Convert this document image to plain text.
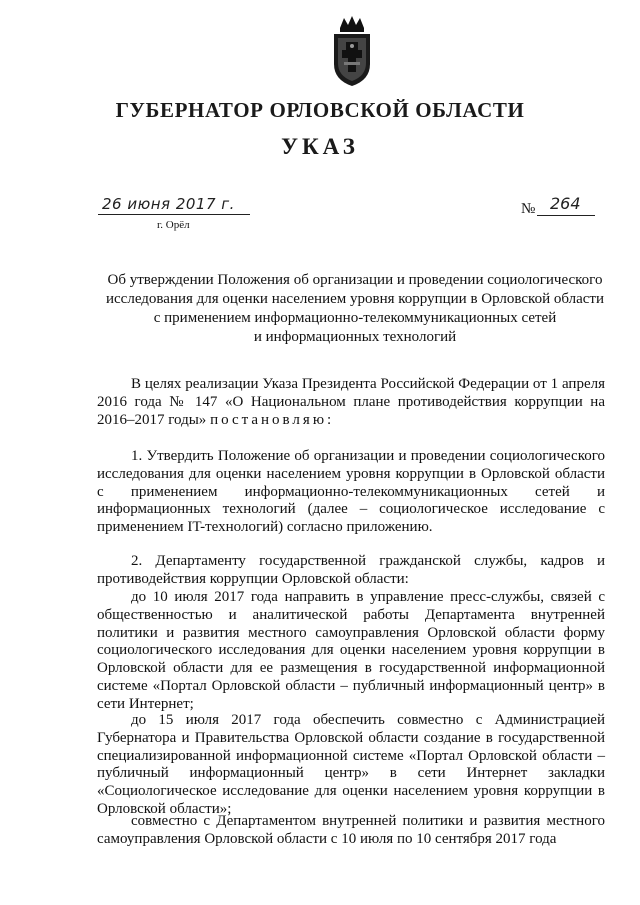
ГУБЕРНАТОР ОРЛОВСКОЙ ОБЛАСТИ
УКАЗ
26 июня 2017 г.
г. Орёл
№ 264
Об утверждении Положения об организации и проведении социологического
исследования для оценки населением уровня коррупции в Орловской области
с применением информационно-телекоммуникационных сетей
и информационных технологий

В целях реализации Указа Президента Российской Федерации от 1 апреля 2016 года № 147 «О Национальном плане противодействия коррупции на 2016–2017 годы» постановляю:

1. Утвердить Положение об организации и проведении социологического исследования для оценки населением уровня коррупции в Орловской области с применением информационно-телекоммуникационных сетей и информационных технологий (далее – социологическое исследование с применением IT-технологий) согласно приложению.

2. Департаменту государственной гражданской службы, кадров и противодействия коррупции Орловской области:

до 10 июля 2017 года направить в управление пресс-службы, связей с общественностью и аналитической работы Департамента внутренней политики и развития местного самоуправления Орловской области форму социологического исследования для оценки населением уровня коррупции в Орловской области для ее размещения в государственной информационной системе «Портал Орловской области – публичный информационный центр» в сети Интернет;

до 15 июля 2017 года обеспечить совместно с Администрацией Губернатора и Правительства Орловской области создание в государственной специализированной информационной системе «Портал Орловской области – публичный информационный центр» в сети Интернет закладки «Социологическое исследование для оценки населением уровня коррупции в Орловской области»;

совместно с Департаментом внутренней политики и развития местного самоуправления Орловской области с 10 июля по 10 сентября 2017 года
